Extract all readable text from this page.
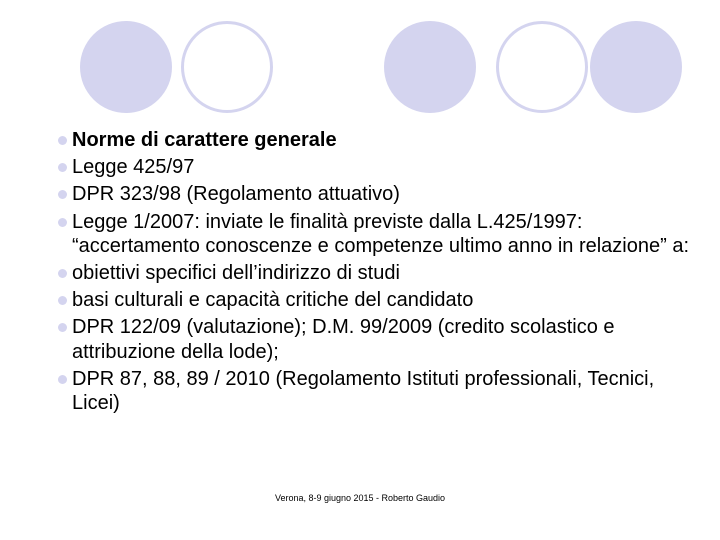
Norme di carattere generale
Legge 425/97
DPR 323/98 (Regolamento attuativo)
Legge 1/2007: inviate le finalità previste dalla L.425/1997: “accertamento conoscenze e competenze ultimo anno in relazione” a:
obiettivi specifici dell’indirizzo di studi
basi culturali e capacità critiche del candidato
DPR 122/09 (valutazione); D.M. 99/2009 (credito scolastico e attribuzione della lode);
DPR 87, 88, 89 / 2010 (Regolamento Istituti professionali, Tecnici, Licei)
Verona, 8-9 giugno 2015 - Roberto Gaudio
